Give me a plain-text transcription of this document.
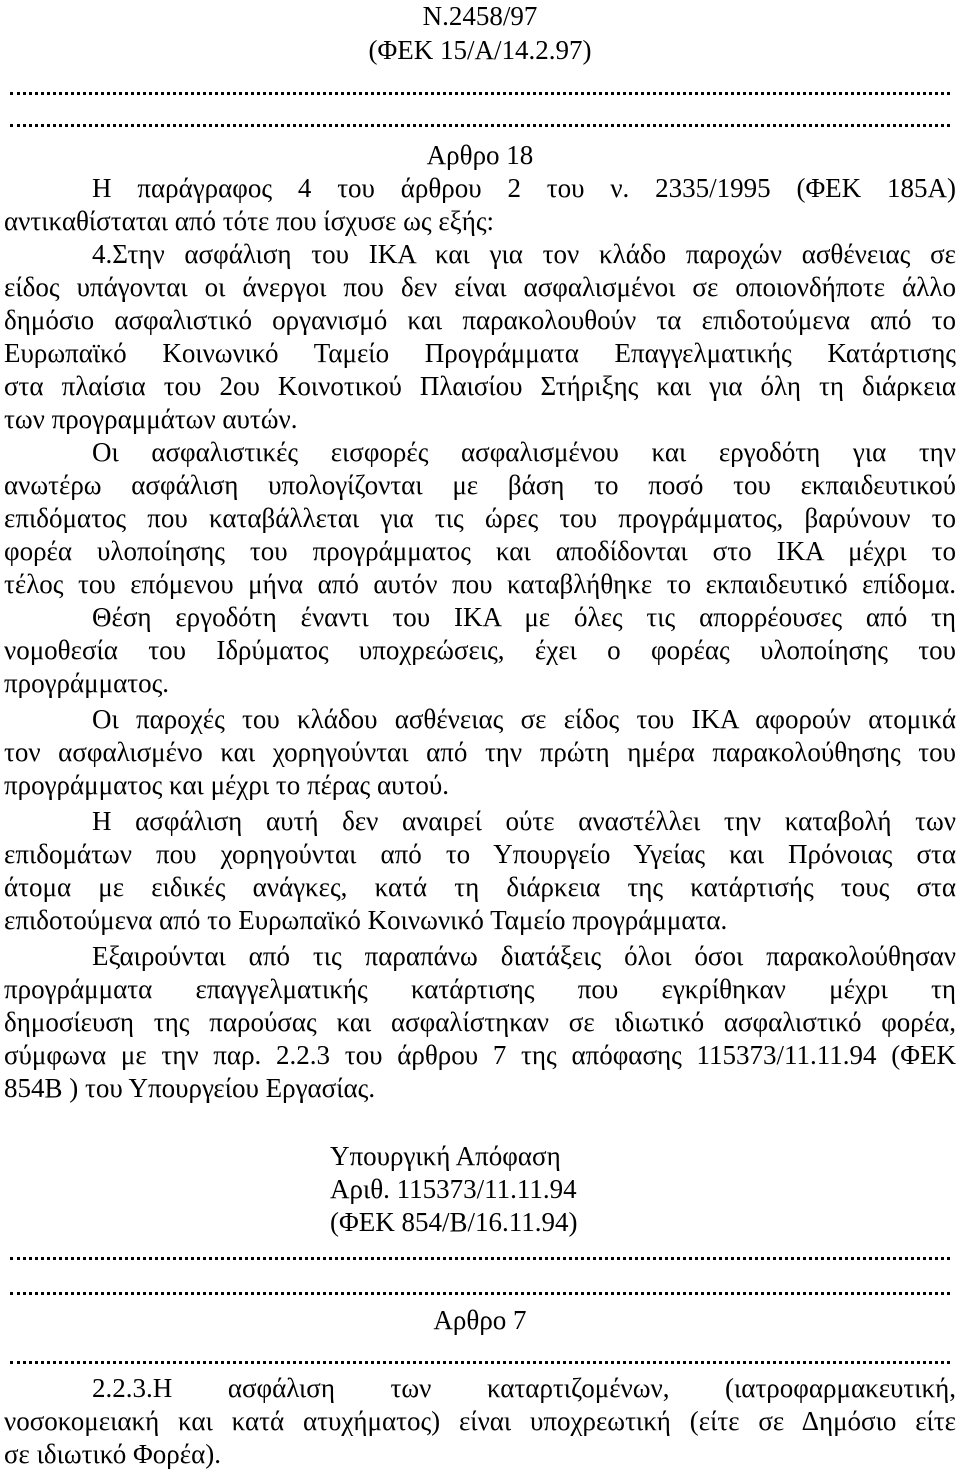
Ν.2458/97
(ΦΕΚ 15/Α/14.2.97)
Αρθρο 18
Η παράγραφος 4 του άρθρου 2 του ν. 2335/1995 (ΦΕΚ 185Α)
αντικαθίσταται από τότε που ίσχυσε ως εξής:
4.Στην ασφάλιση του ΙΚΑ και για τον κλάδο παροχών ασθένειας σε
είδος υπάγονται οι άνεργοι που δεν είναι ασφαλισμένοι σε οποιονδήποτε άλλο
δημόσιο ασφαλιστικό οργανισμό και παρακολουθούν τα επιδοτούμενα από το
Ευρωπαϊκό Κοινωνικό Ταμείο Προγράμματα Επαγγελματικής Κατάρτισης
στα πλαίσια του 2ου Κοινοτικού Πλαισίου Στήριξης και για όλη τη διάρκεια
των προγραμμάτων αυτών.
Οι ασφαλιστικές εισφορές ασφαλισμένου και εργοδότη για την
ανωτέρω ασφάλιση υπολογίζονται με βάση το ποσό του εκπαιδευτικού
επιδόματος που καταβάλλεται για τις ώρες του προγράμματος, βαρύνουν το
φορέα υλοποίησης του προγράμματος και αποδίδονται στο ΙΚΑ μέχρι το
τέλος του επόμενου μήνα από αυτόν που καταβλήθηκε το εκπαιδευτικό επίδομα.
Θέση εργοδότη έναντι του ΙΚΑ με όλες τις απορρέουσες από τη
νομοθεσία του Ιδρύματος υποχρεώσεις, έχει ο φορέας υλοποίησης του
προγράμματος.
Οι παροχές του κλάδου ασθένειας σε είδος του ΙΚΑ αφορούν ατομικά
τον ασφαλισμένο και χορηγούνται από την πρώτη ημέρα παρακολούθησης του
προγράμματος και μέχρι το πέρας αυτού.
Η ασφάλιση αυτή δεν αναιρεί ούτε αναστέλλει την καταβολή των
επιδομάτων που χορηγούνται από το Υπουργείο Υγείας και Πρόνοιας στα
άτομα με ειδικές ανάγκες, κατά τη διάρκεια της κατάρτισής τους στα
επιδοτούμενα από το Ευρωπαϊκό Κοινωνικό Ταμείο προγράμματα.
Εξαιρούνται από τις παραπάνω διατάξεις όλοι όσοι παρακολούθησαν
προγράμματα επαγγελματικής κατάρτισης που εγκρίθηκαν μέχρι τη
δημοσίευση της παρούσας και ασφαλίστηκαν σε ιδιωτικό ασφαλιστικό φορέα,
σύμφωνα με την παρ. 2.2.3 του άρθρου 7 της απόφασης 115373/11.11.94 (ΦΕΚ
854Β ) του Υπουργείου Εργασίας.
Υπουργική Απόφαση
Αριθ. 115373/11.11.94
(ΦΕΚ 854/Β/16.11.94)
Αρθρο 7
2.2.3.Η ασφάλιση των καταρτιζομένων, (ιατροφαρμακευτική,
νοσοκομειακή και κατά ατυχήματος) είναι υποχρεωτική (είτε σε Δημόσιο είτε
σε ιδιωτικό Φορέα).
